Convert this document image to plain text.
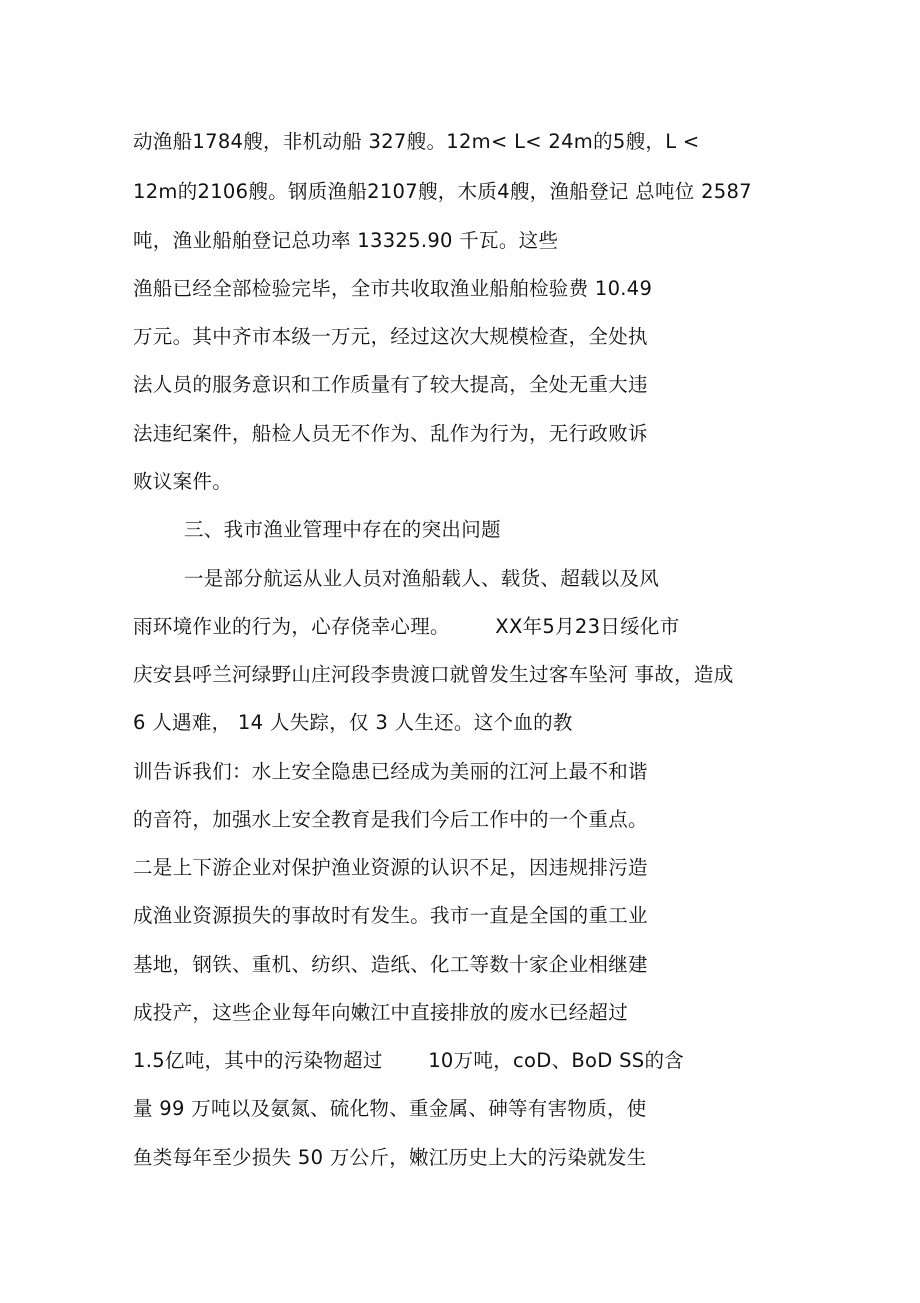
动渔船1784艘，非机动船 327艘。12m< L< 24m的5艘，L <
12m的2106艘。钢质渔船2107艘，木质4艘，渔船登记 总吨位 2587
吨，渔业船舶登记总功率 13325.90 千瓦。这些
渔船已经全部检验完毕，全市共收取渔业船舶检验费 10.49
万元。其中齐市本级一万元，经过这次大规模检查，全处执
法人员的服务意识和工作质量有了较大提高，全处无重大违
法违纪案件，船检人员无不作为、乱作为行为，无行政败诉
败议案件。
三、我市渔业管理中存在的突出问题
一是部分航运从业人员对渔船载人、载货、超载以及风
雨环境作业的行为，心存侥幸心理。       XX年5月23日绥化市
庆安县呼兰河绿野山庄河段李贵渡口就曾发生过客车坠河 事故，造成
6 人遇难， 14 人失踪，仅 3 人生还。这个血的教
训告诉我们：水上安全隐患已经成为美丽的江河上最不和谐
的音符，加强水上安全教育是我们今后工作中的一个重点。
二是上下游企业对保护渔业资源的认识不足，因违规排污造
成渔业资源损失的事故时有发生。我市一直是全国的重工业
基地，钢铁、重机、纺织、造纸、化工等数十家企业相继建
成投产，这些企业每年向嫩江中直接排放的废水已经超过
1.5亿吨，其中的污染物超过       10万吨，coD、BoD SS的含
量 99 万吨以及氨氮、硫化物、重金属、砷等有害物质，使
鱼类每年至少损失 50 万公斤，嫩江历史上大的污染就发生
